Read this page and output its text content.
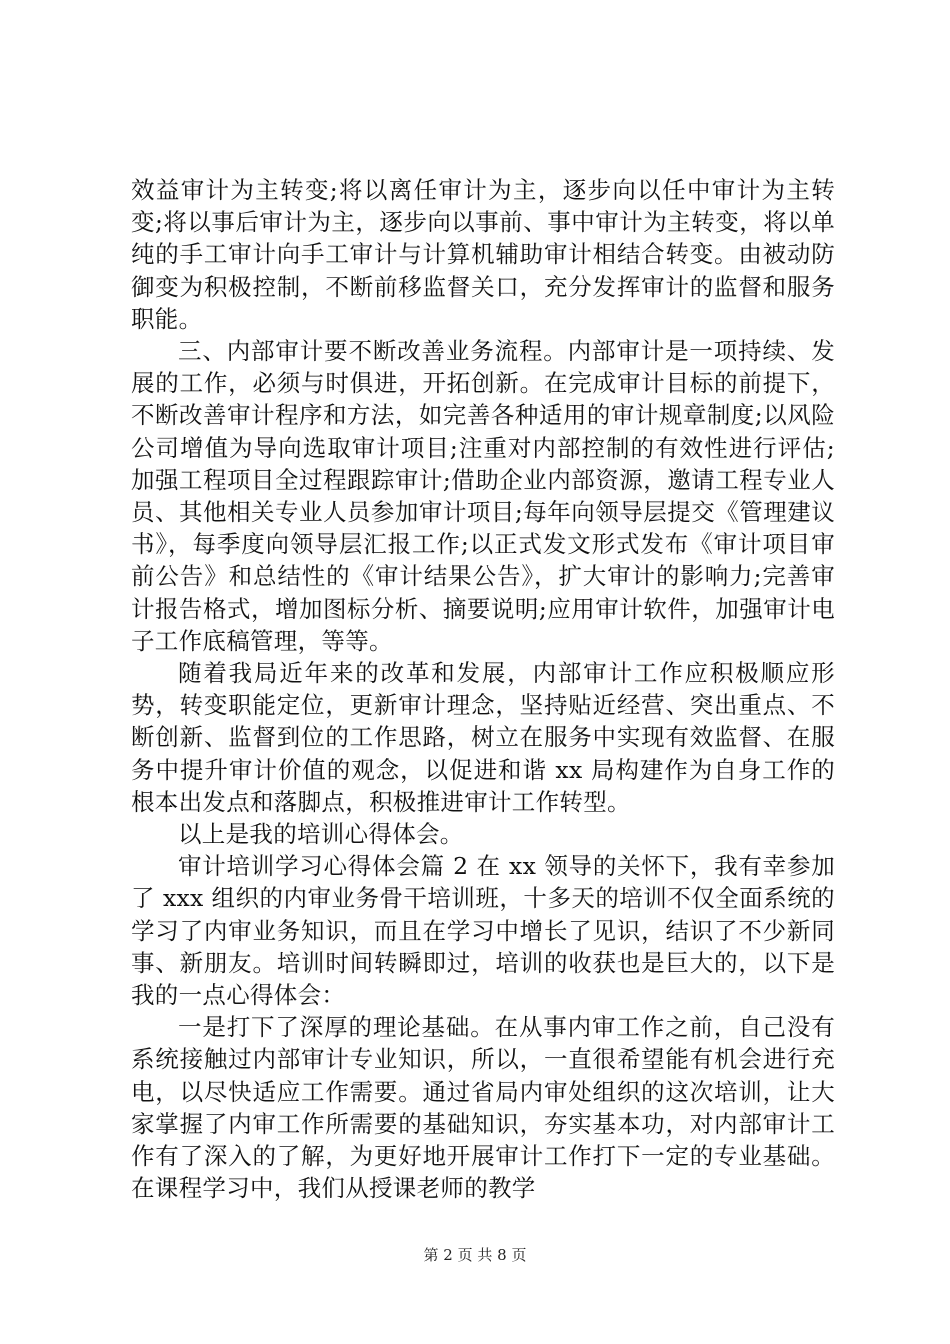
效益审计为主转变;将以离任审计为主，逐步向以任中审计为主转变;将以事后审计为主，逐步向以事前、事中审计为主转变，将以单纯的手工审计向手工审计与计算机辅助审计相结合转变。由被动防御变为积极控制，不断前移监督关口，充分发挥审计的监督和服务职能。

三、内部审计要不断改善业务流程。内部审计是一项持续、发展的工作，必须与时俱进，开拓创新。在完成审计目标的前提下，不断改善审计程序和方法，如完善各种适用的审计规章制度;以风险公司增值为导向选取审计项目;注重对内部控制的有效性进行评估;加强工程项目全过程跟踪审计;借助企业内部资源，邀请工程专业人员、其他相关专业人员参加审计项目;每年向领导层提交《管理建议书》，每季度向领导层汇报工作;以正式发文形式发布《审计项目审前公告》和总结性的《审计结果公告》，扩大审计的影响力;完善审计报告格式，增加图标分析、摘要说明;应用审计软件，加强审计电子工作底稿管理，等等。

随着我局近年来的改革和发展，内部审计工作应积极顺应形势，转变职能定位，更新审计理念，坚持贴近经营、突出重点、不断创新、监督到位的工作思路，树立在服务中实现有效监督、在服务中提升审计价值的观念，以促进和谐 xx 局构建作为自身工作的根本出发点和落脚点，积极推进审计工作转型。

以上是我的培训心得体会。

审计培训学习心得体会篇 2 在 xx 领导的关怀下，我有幸参加了 xxx 组织的内审业务骨干培训班，十多天的培训不仅全面系统的学习了内审业务知识，而且在学习中增长了见识，结识了不少新同事、新朋友。培训时间转瞬即过，培训的收获也是巨大的，以下是我的一点心得体会：

一是打下了深厚的理论基础。在从事内审工作之前，自己没有系统接触过内部审计专业知识，所以，一直很希望能有机会进行充电，以尽快适应工作需要。通过省局内审处组织的这次培训，让大家掌握了内审工作所需要的基础知识，夯实基本功，对内部审计工作有了深入的了解，为更好地开展审计工作打下一定的专业基础。在课程学习中，我们从授课老师的教学

第 2 页 共 8 页
